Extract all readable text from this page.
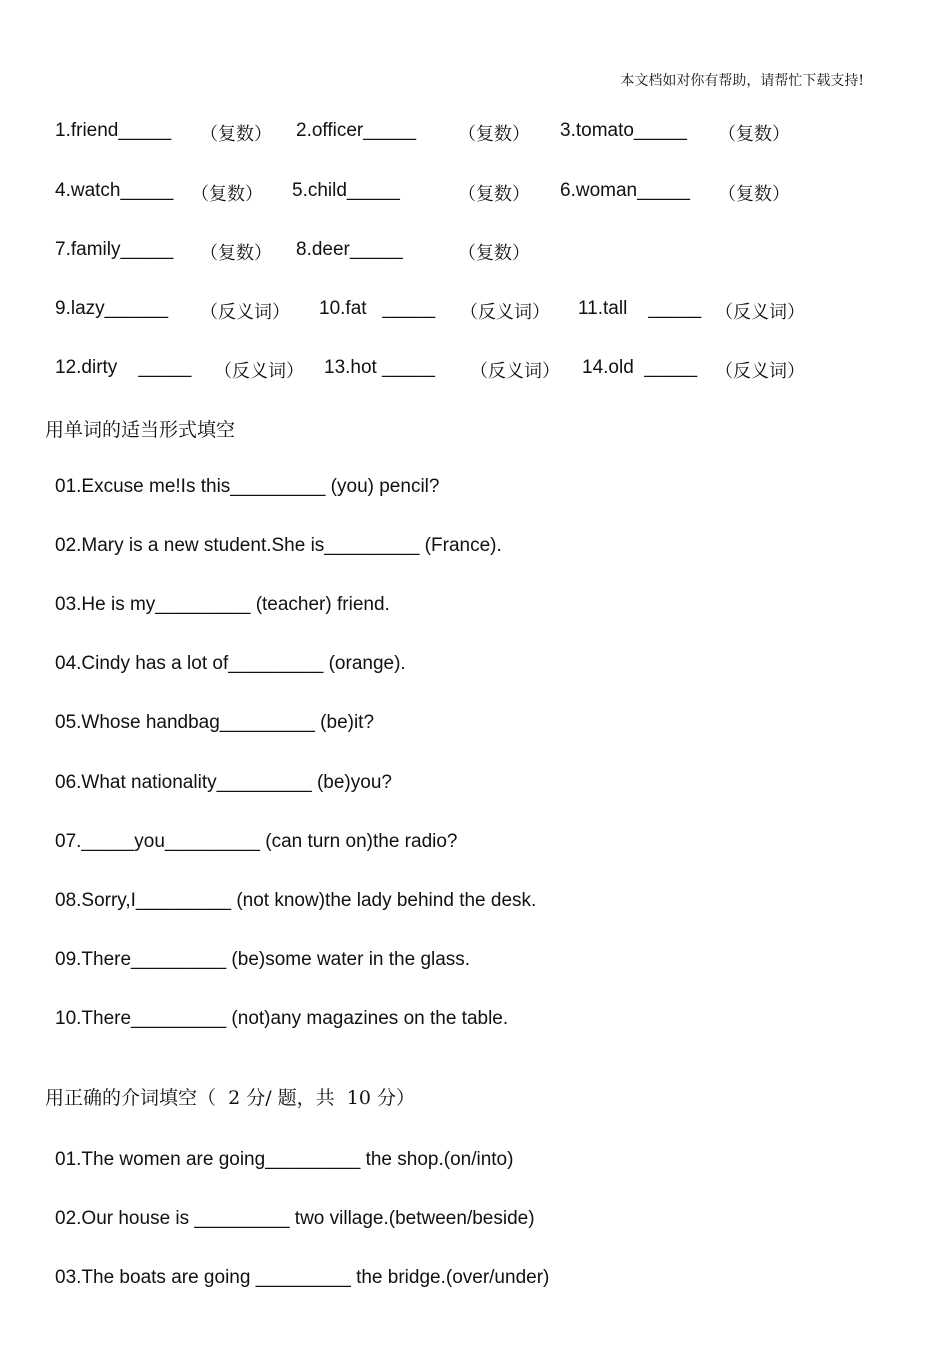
本文档如对你有帮助，请帮忙下载支持!
1.friend_____ （复数） 2.officer_____ （复数） 3.tomato_____ （复数）
4.watch_____ （复数） 5.child_____	（复数） 6.woman_____ （复数）
7.family_____ （复数） 8.deer_____	（复数）
9.lazy______ （反义词） 10.fat   _____ （反义词） 11.tall    _____ （反义词）
12.dirty    _____ （反义词） 13.hot _____ （反义词） 14.old  _____ （反义词）
用单词的适当形式填空
01.Excuse me!Is this_________ (you) pencil?
02.Mary is a new student.She is_________ (France).
03.He is my_________ (teacher) friend.
04.Cindy has a lot of_________ (orange).
05.Whose handbag_________ (be)it?
06.What nationality_________ (be)you?
07._____you_________ (can turn on)the radio?
08.Sorry,I_________ (not know)the lady behind the desk.
09.There_________ (be)some water in the glass.
10.There_________ (not)any magazines on the table.
用正确的介词填空（  2 分/ 题，共  10 分）
01.The women are going_________ the shop.(on/into)
02.Our house is _________ two village.(between/beside)
03.The boats are going _________ the bridge.(over/under)
